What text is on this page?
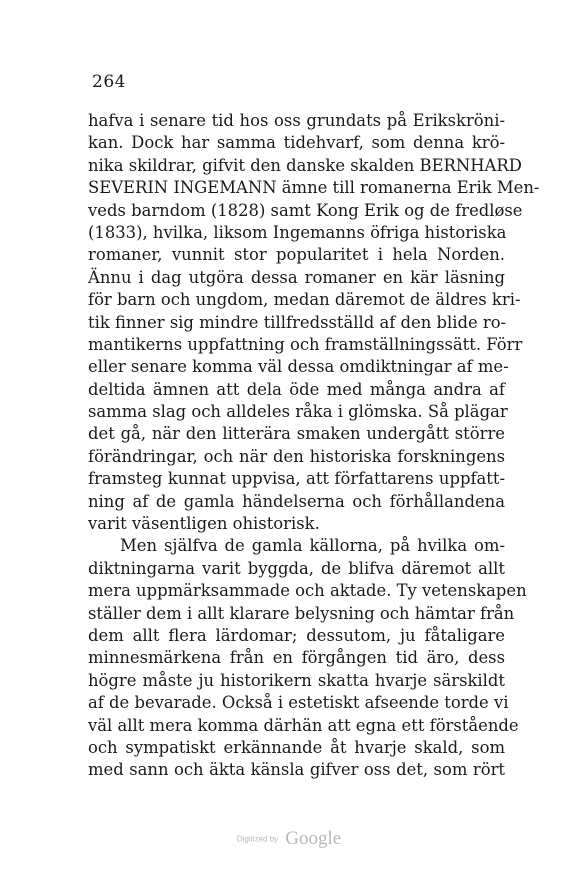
264
hafva i senare tid hos oss grundats på Erikskröni-
kan. Dock har samma tidehvarf, som denna krö-
nika skildrar, gifvit den danske skalden BERNHARD
SEVERIN INGEMANN ämne till romanerna Erik Men-
veds barndom (1828) samt Kong Erik og de fredløse
(1833), hvilka, liksom Ingemanns öfriga historiska
romaner, vunnit stor popularitet i hela Norden.
Ännu i dag utgöra dessa romaner en kär läsning
för barn och ungdom, medan däremot de äldres kri-
tik finner sig mindre tillfredsställd af den blide ro-
mantikerns uppfattning och framställningssätt. Förr
eller senare komma väl dessa omdiktningar af me-
deltida ämnen att dela öde med många andra af
samma slag och alldeles råka i glömska. Så plägar
det gå, när den litterära smaken undergått större
förändringar, och när den historiska forskningens
framsteg kunnat uppvisa, att författarens uppfatt-
ning af de gamla händelserna och förhållandena
varit väsentligen ohistorisk.
Men själfva de gamla källorna, på hvilka om-
diktningarna varit byggda, de blifva däremot allt
mera uppmärksammade och aktade. Ty vetenskapen
ställer dem i allt klarare belysning och hämtar från
dem allt flera lärdomar; dessutom, ju fåtaligare
minnesmärkena från en förgången tid äro, dess
högre måste ju historikern skatta hvarje särskildt
af de bevarade. Också i estetiskt afseende torde vi
väl allt mera komma därhän att egna ett förstående
och sympatiskt erkännande åt hvarje skald, som
med sann och äkta känsla gifver oss det, som rört
Digitized by Google
